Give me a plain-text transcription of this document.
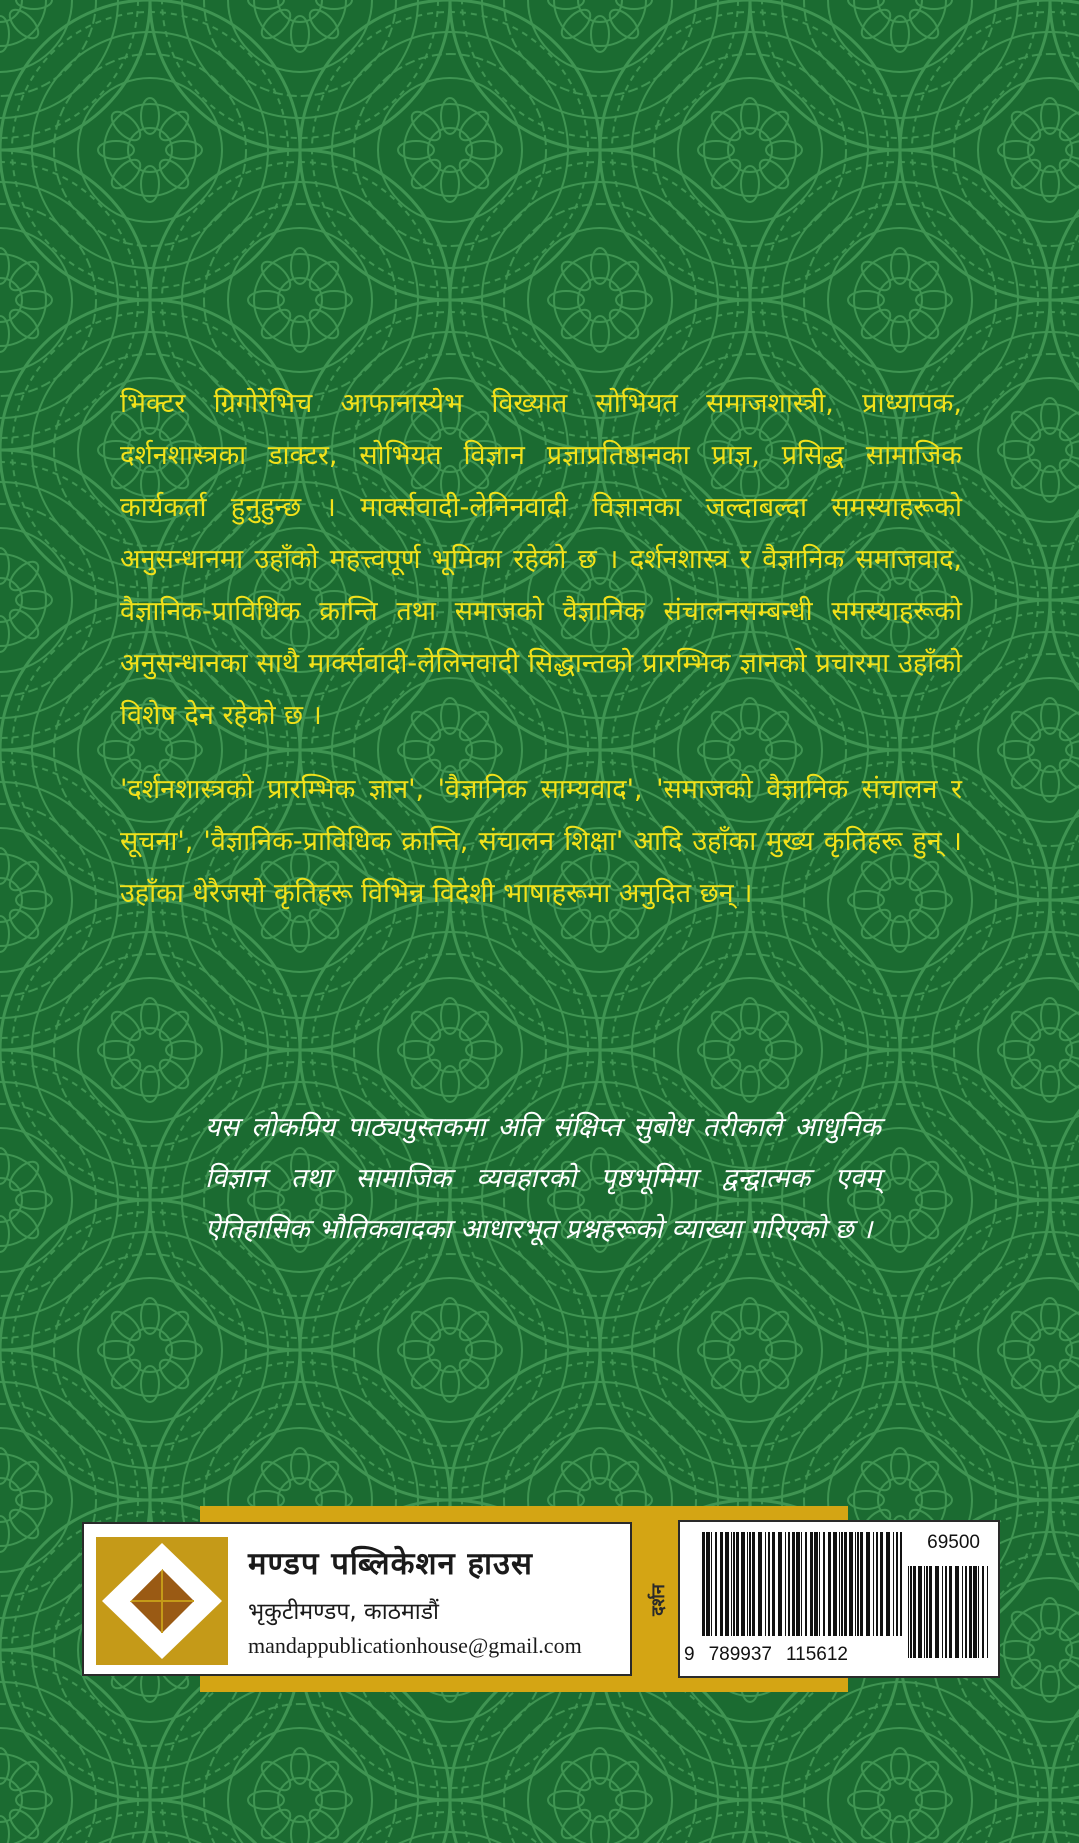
भिक्टर ग्रिगोरेभिच आफानास्येभ विख्यात सोभियत समाजशास्त्री, प्राध्यापक, दर्शनशास्त्रका डाक्टर, सोभियत विज्ञान प्रज्ञाप्रतिष्ठानका प्राज्ञ, प्रसिद्ध सामाजिक कार्यकर्ता हुनुहुन्छ । मार्क्सवादी-लेनिनवादी विज्ञानका जल्दाबल्दा समस्याहरूको अनुसन्धानमा उहाँको महत्त्वपूर्ण भूमिका रहेको छ । दर्शनशास्त्र र वैज्ञानिक समाजवाद, वैज्ञानिक-प्राविधिक क्रान्ति तथा समाजको वैज्ञानिक संचालनसम्बन्धी समस्याहरूको अनुसन्धानका साथै मार्क्सवादी-लेलिनवादी सिद्धान्तको प्रारम्भिक ज्ञानको प्रचारमा उहाँको विशेष देन रहेको छ ।

'दर्शनशास्त्रको प्रारम्भिक ज्ञान', 'वैज्ञानिक साम्यवाद', 'समाजको वैज्ञानिक संचालन र सूचना', 'वैज्ञानिक-प्राविधिक क्रान्ति, संचालन शिक्षा' आदि उहाँका मुख्य कृतिहरू हुन् । उहाँका धेरैजसो कृतिहरू विभिन्न विदेशी भाषाहरूमा अनुदित छन् ।

यस लोकप्रिय पाठ्यपुस्तकमा अति संक्षिप्त सुबोध तरीकाले आधुनिक विज्ञान तथा सामाजिक व्यवहारको पृष्ठभूमिमा द्वन्द्वात्मक एवम् ऐतिहासिक भौतिकवादका आधारभूत प्रश्नहरूको व्याख्या गरिएको छ ।

मण्डप पब्लिकेशन हाउस
भृकुटीमण्डप, काठमाडौं
mandappublicationhouse@gmail.com
दर्शन
69500
9 789937 115612
